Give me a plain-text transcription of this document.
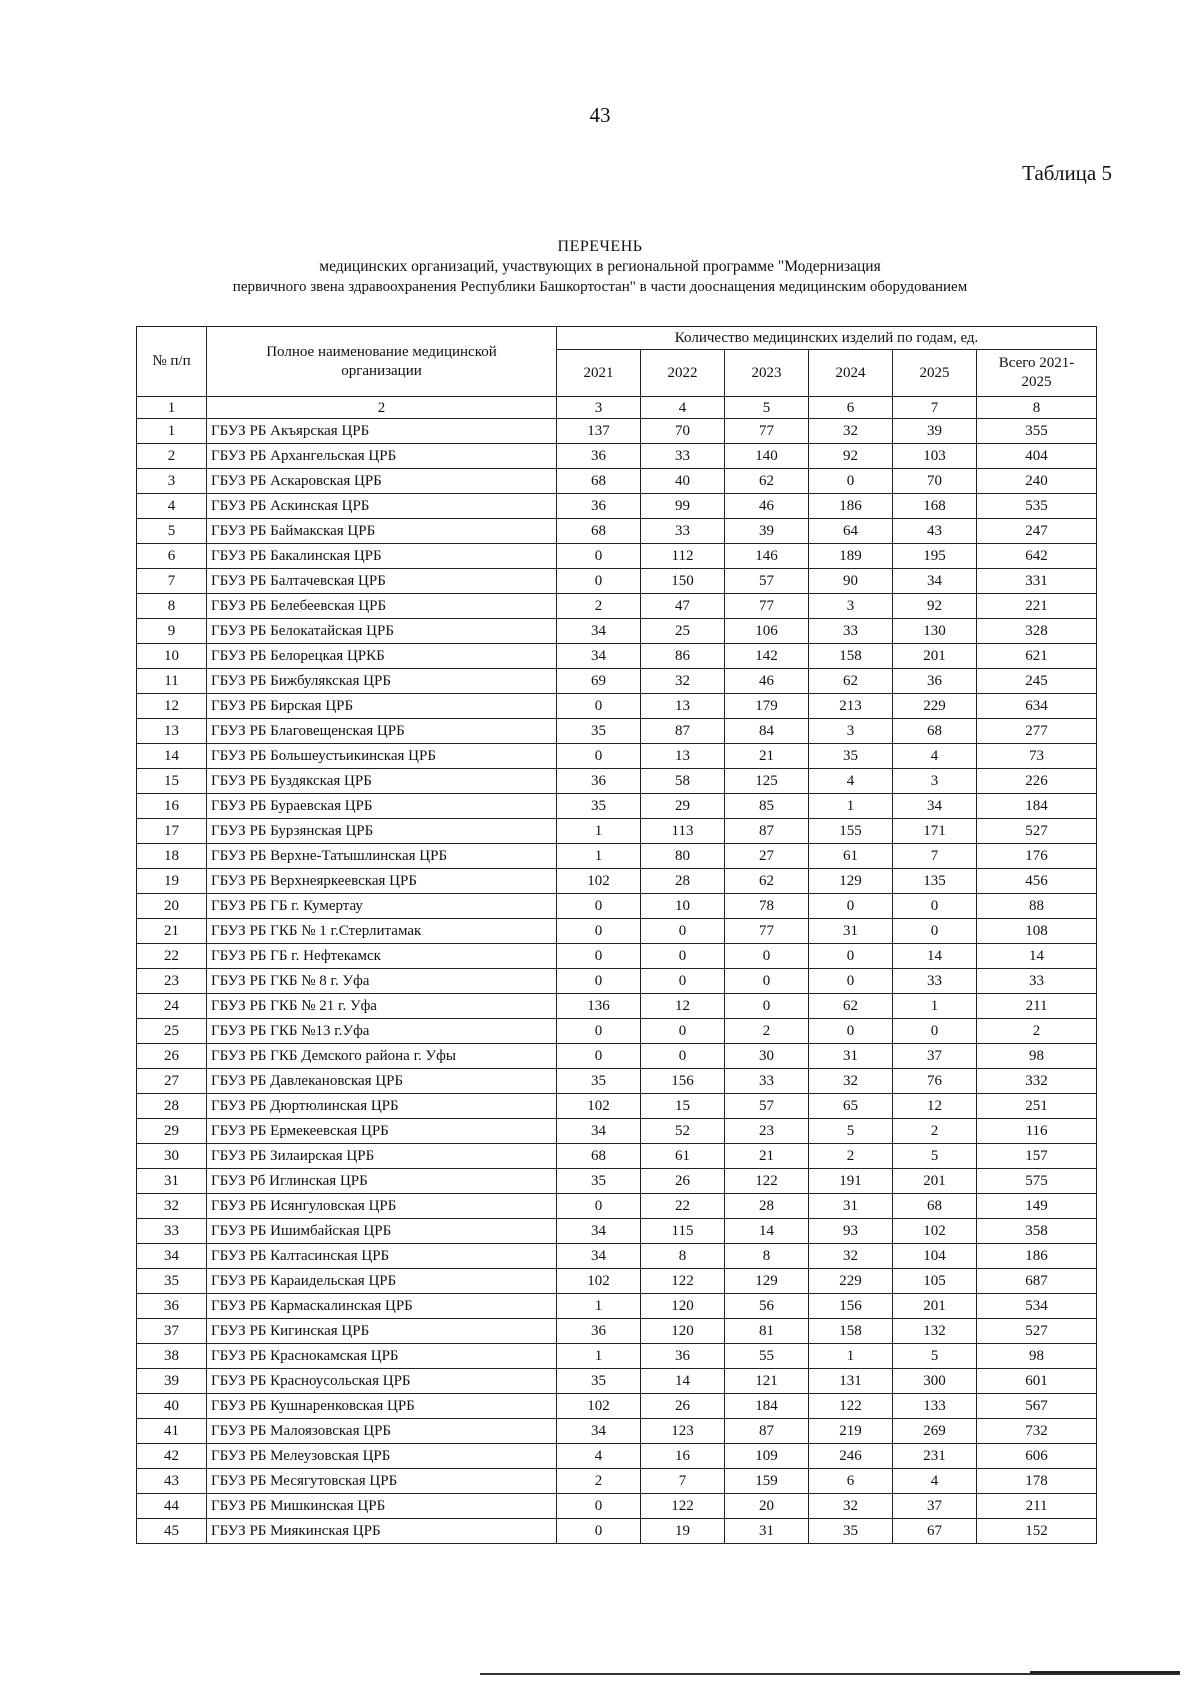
43
Таблица 5
ПЕРЕЧЕНЬ
медицинских организаций, участвующих в региональной программе "Модернизация
первичного звена здравоохранения Республики Башкортостан" в части дооснащения медицинским оборудованием
№ п/п	Полное наименование медицинской организации	Количество медицинских изделий по годам, ед.					
		2021	2022	2023	2024	2025	Всего 2021-2025
1	2	3	4	5	6	7	8
1	ГБУЗ РБ Акъярская ЦРБ	137	70	77	32	39	355
2	ГБУЗ РБ Архангельская ЦРБ	36	33	140	92	103	404
3	ГБУЗ РБ Аскаровская ЦРБ	68	40	62	0	70	240
4	ГБУЗ РБ Аскинская ЦРБ	36	99	46	186	168	535
5	ГБУЗ РБ Баймакская ЦРБ	68	33	39	64	43	247
6	ГБУЗ РБ Бакалинская ЦРБ	0	112	146	189	195	642
7	ГБУЗ РБ Балтачевская ЦРБ	0	150	57	90	34	331
8	ГБУЗ РБ Белебеевская ЦРБ	2	47	77	3	92	221
9	ГБУЗ РБ Белокатайская ЦРБ	34	25	106	33	130	328
10	ГБУЗ РБ Белорецкая ЦРКБ	34	86	142	158	201	621
11	ГБУЗ РБ Бижбулякская ЦРБ	69	32	46	62	36	245
12	ГБУЗ РБ Бирская ЦРБ	0	13	179	213	229	634
13	ГБУЗ РБ Благовещенская ЦРБ	35	87	84	3	68	277
14	ГБУЗ РБ Большеустьикинская ЦРБ	0	13	21	35	4	73
15	ГБУЗ РБ Буздякская ЦРБ	36	58	125	4	3	226
16	ГБУЗ РБ Бураевская ЦРБ	35	29	85	1	34	184
17	ГБУЗ РБ Бурзянская ЦРБ	1	113	87	155	171	527
18	ГБУЗ РБ Верхне-Татышлинская ЦРБ	1	80	27	61	7	176
19	ГБУЗ РБ Верхнеяркеевская ЦРБ	102	28	62	129	135	456
20	ГБУЗ РБ ГБ г. Кумертау	0	10	78	0	0	88
21	ГБУЗ РБ ГКБ № 1 г.Стерлитамак	0	0	77	31	0	108
22	ГБУЗ РБ ГБ г. Нефтекамск	0	0	0	0	14	14
23	ГБУЗ РБ ГКБ № 8 г. Уфа	0	0	0	0	33	33
24	ГБУЗ РБ ГКБ № 21 г. Уфа	136	12	0	62	1	211
25	ГБУЗ РБ ГКБ №13 г.Уфа	0	0	2	0	0	2
26	ГБУЗ РБ ГКБ Демского района г. Уфы	0	0	30	31	37	98
27	ГБУЗ РБ Давлекановская ЦРБ	35	156	33	32	76	332
28	ГБУЗ РБ Дюртюлинская ЦРБ	102	15	57	65	12	251
29	ГБУЗ РБ Ермекеевская ЦРБ	34	52	23	5	2	116
30	ГБУЗ РБ Зилаирская ЦРБ	68	61	21	2	5	157
31	ГБУЗ Рб Иглинская ЦРБ	35	26	122	191	201	575
32	ГБУЗ РБ Исянгуловская ЦРБ	0	22	28	31	68	149
33	ГБУЗ РБ Ишимбайская ЦРБ	34	115	14	93	102	358
34	ГБУЗ РБ Калтасинская ЦРБ	34	8	8	32	104	186
35	ГБУЗ РБ Караидельская ЦРБ	102	122	129	229	105	687
36	ГБУЗ РБ Кармаскалинская ЦРБ	1	120	56	156	201	534
37	ГБУЗ РБ Кигинская ЦРБ	36	120	81	158	132	527
38	ГБУЗ РБ Краснокамская ЦРБ	1	36	55	1	5	98
39	ГБУЗ РБ Красноусольская ЦРБ	35	14	121	131	300	601
40	ГБУЗ РБ Кушнаренковская ЦРБ	102	26	184	122	133	567
41	ГБУЗ РБ Малоязовская ЦРБ	34	123	87	219	269	732
42	ГБУЗ РБ Мелеузовская ЦРБ	4	16	109	246	231	606
43	ГБУЗ РБ Месягутовская ЦРБ	2	7	159	6	4	178
44	ГБУЗ РБ Мишкинская ЦРБ	0	122	20	32	37	211
45	ГБУЗ РБ Миякинская ЦРБ	0	19	31	35	67	152
